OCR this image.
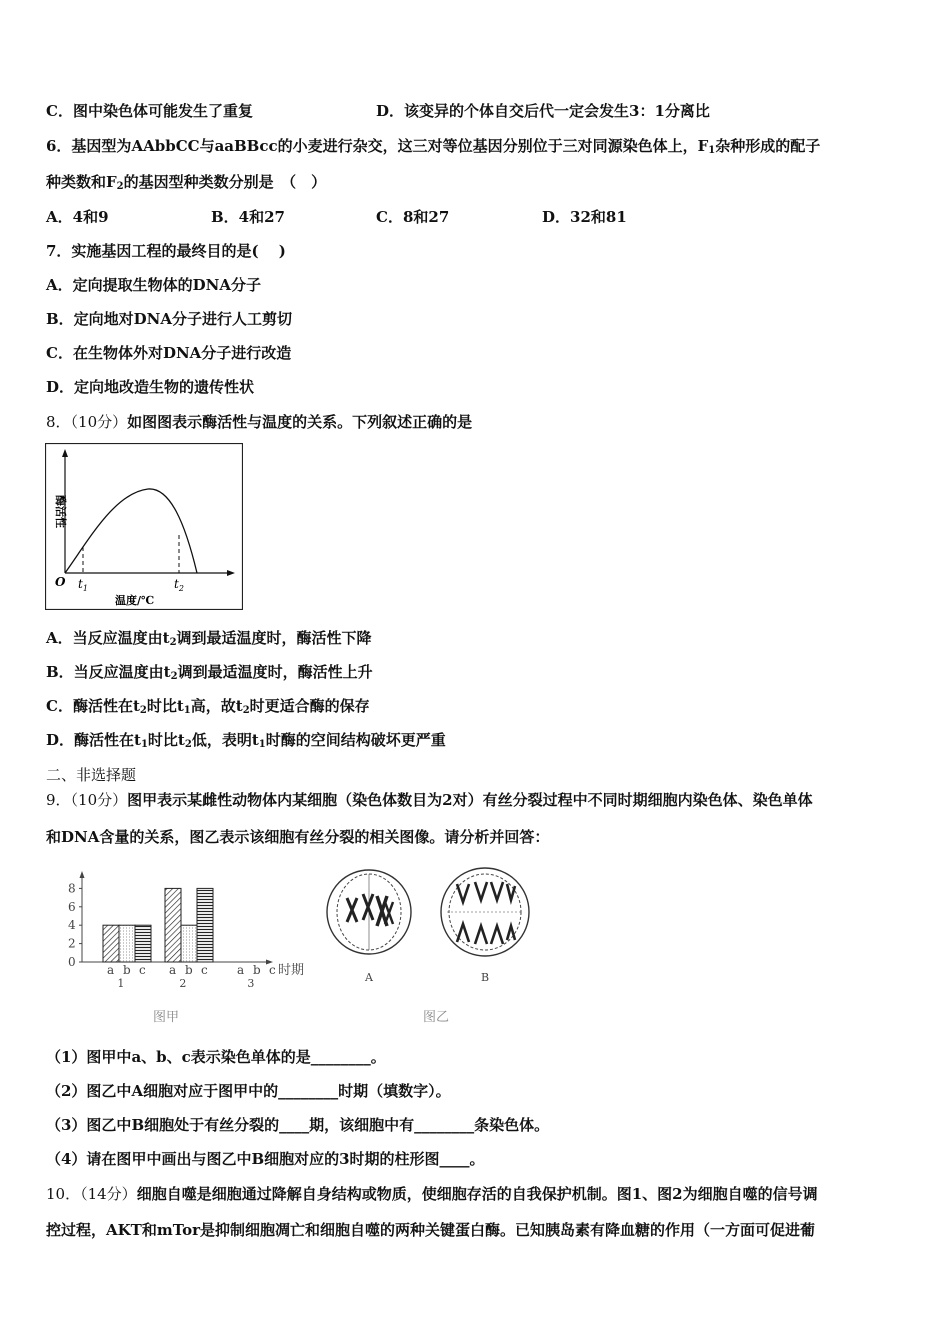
C．图中染色体可能发生了重复	D．该变异的个体自交后代一定会发生3：1分离比
6．基因型为AAbbCC与aaBBcc的小麦进行杂交，这三对等位基因分别位于三对同源染色体上，$F_1$杂种形成的配子
种类数和$F_2$的基因型种类数分别是　（　）
A．4和9	B．4和27	C．8和27	D．32和81
7．实施基因工程的最终目的是(　 )
A．定向提取生物体的DNA分子
B．定向地对DNA分子进行人工剪切
C．在生物体外对DNA分子进行改造
D．定向地改造生物的遗传性状
8．（10分）如图图表示酶活性与温度的关系。下列叙述正确的是
酶活性
O $t_1$	$t_2$
温度/℃
A．当反应温度由$t_2$调到最适温度时，酶活性下降
B．当反应温度由$t_2$调到最适温度时，酶活性上升
C．酶活性在$t_2$时比$t_1$高，故$t_2$时更适合酶的保存
D．酶活性在$t_1$时比$t_2$低，表明$t_1$时酶的空间结构破坏更严重
二、非选择题
9．（10分）图甲表示某雌性动物体内某细胞（染色体数目为2对）有丝分裂过程中不同时期细胞内染色体、染色单体
和DNA含量的关系，图乙表示该细胞有丝分裂的相关图像。请分析并回答：
时期
图甲
0
2
4
6
8
a b c
1
a b c
2
a b c
3	A	B
图乙
（1）图甲中a、b、c表示染色单体的是________。
（2）图乙中A细胞对应于图甲中的________时期（填数字）。
（3）图乙中B细胞处于有丝分裂的____期，该细胞中有________条染色体。
（4）请在图甲中画出与图乙中B细胞对应的3时期的柱形图____。
10．（14分）细胞自噬是细胞通过降解自身结构或物质，使细胞存活的自我保护机制。图1、图2为细胞自噬的信号调
控过程，AKT和mTor是抑制细胞凋亡和细胞自噬的两种关键蛋白酶。已知胰岛素有降血糖的作用（一方面可促进葡
